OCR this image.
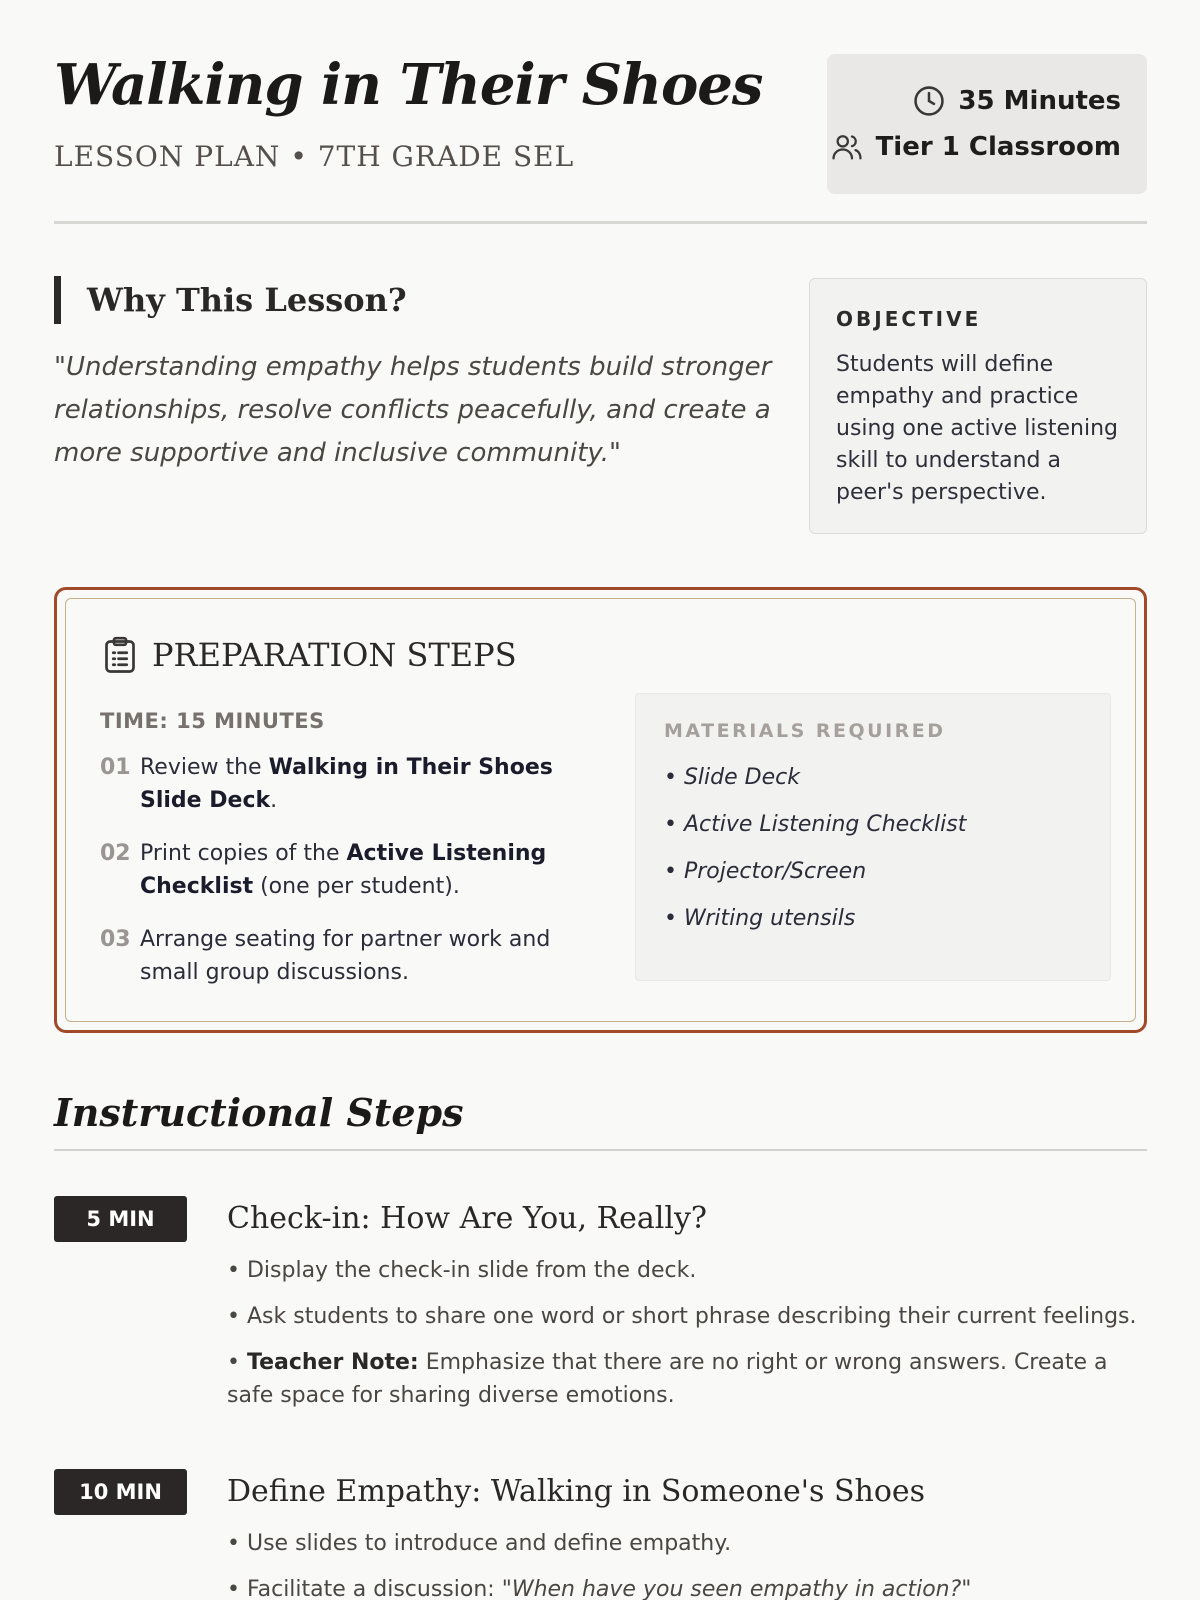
Walking in Their Shoes
LESSON PLAN • 7TH GRADE SEL
35 Minutes
Tier 1 Classroom
Why This Lesson?

"Understanding empathy helps students build stronger relationships, resolve conflicts peacefully, and create a more supportive and inclusive community."

OBJECTIVE

Students will define empathy and practice using one active listening skill to understand a peer's perspective.

PREPARATION STEPS
TIME: 15 MINUTES
01 Review the Walking in Their Shoes Slide Deck.
02 Print copies of the Active Listening Checklist (one per student).
03 Arrange seating for partner work and small group discussions.
MATERIALS REQUIRED
• Slide Deck
• Active Listening Checklist
• Projector/Screen
• Writing utensils
Instructional Steps
5 MIN	Check-in: How Are You, Really?
• Display the check-in slide from the deck.
• Ask students to share one word or short phrase describing their current feelings.
• Teacher Note: Emphasize that there are no right or wrong answers. Create a safe space for sharing diverse emotions.
10 MIN	Define Empathy: Walking in Someone's Shoes
• Use slides to introduce and define empathy.
• Facilitate a discussion: "When have you seen empathy in action?"
